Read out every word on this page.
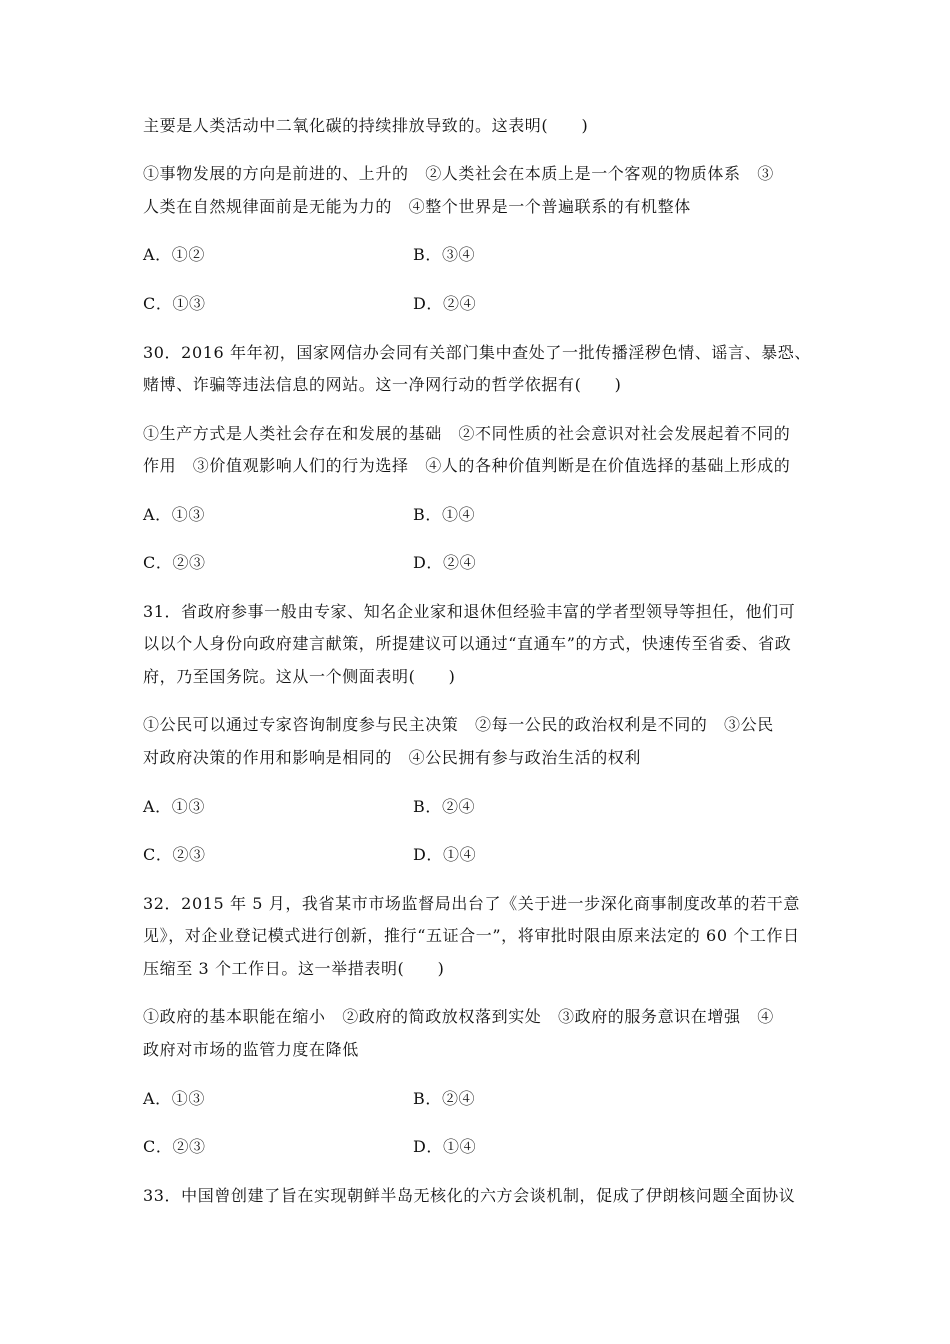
主要是人类活动中二氧化碳的持续排放导致的。这表明(　　)
①事物发展的方向是前进的、上升的　②人类社会在本质上是一个客观的物质体系　③
人类在自然规律面前是无能为力的　④整个世界是一个普遍联系的有机整体
A．①②	B．③④
C．①③	D．②④
30．2016 年年初，国家网信办会同有关部门集中查处了一批传播淫秽色情、谣言、暴恐、
赌博、诈骗等违法信息的网站。这一净网行动的哲学依据有(　　)
①生产方式是人类社会存在和发展的基础　②不同性质的社会意识对社会发展起着不同的
作用　③价值观影响人们的行为选择　④人的各种价值判断是在价值选择的基础上形成的
A．①③	B．①④
C．②③	D．②④
31．省政府参事一般由专家、知名企业家和退休但经验丰富的学者型领导等担任，他们可
以以个人身份向政府建言献策，所提建议可以通过“直通车”的方式，快速传至省委、省政
府，乃至国务院。这从一个侧面表明(　　)
①公民可以通过专家咨询制度参与民主决策　②每一公民的政治权利是不同的　③公民
对政府决策的作用和影响是相同的　④公民拥有参与政治生活的权利
A．①③	B．②④
C．②③	D．①④
32．2015 年 5 月，我省某市市场监督局出台了《关于进一步深化商事制度改革的若干意
见》，对企业登记模式进行创新，推行“五证合一”，将审批时限由原来法定的 60 个工作日
压缩至 3 个工作日。这一举措表明(　　)
①政府的基本职能在缩小　②政府的简政放权落到实处　③政府的服务意识在增强　④
政府对市场的监管力度在降低
A．①③	B．②④
C．②③	D．①④
33．中国曾创建了旨在实现朝鲜半岛无核化的六方会谈机制，促成了伊朗核问题全面协议
